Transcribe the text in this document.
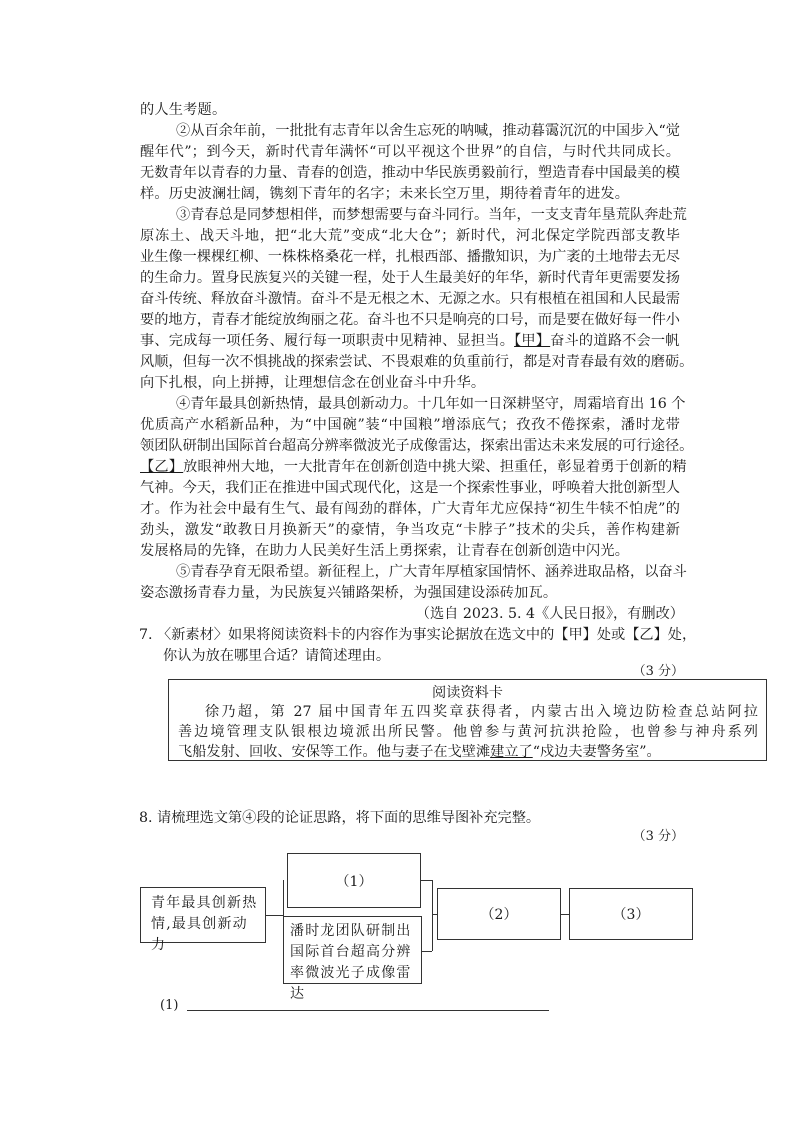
的人生考题。
②从百余年前，一批批有志青年以舍生忘死的呐喊，推动暮霭沉沉的中国步入“觉
醒年代”；到今天，新时代青年满怀“可以平视这个世界”的自信，与时代共同成长。
无数青年以青春的力量、青春的创造，推动中华民族勇毅前行，塑造青春中国最美的模
样。历史波澜壮阔，镌刻下青年的名字；未来长空万里，期待着青年的进发。
③青春总是同梦想相伴，而梦想需要与奋斗同行。当年，一支支青年垦荒队奔赴荒
原冻土、战天斗地，把“北大荒”变成“北大仓”；新时代，河北保定学院西部支教毕
业生像一棵棵红柳、一株株格桑花一样，扎根西部、播撒知识，为广袤的土地带去无尽
的生命力。置身民族复兴的关键一程，处于人生最美好的年华，新时代青年更需要发扬
奋斗传统、释放奋斗激情。奋斗不是无根之木、无源之水。只有根植在祖国和人民最需
要的地方，青春才能绽放绚丽之花。奋斗也不只是响亮的口号，而是要在做好每一件小
事、完成每一项任务、履行每一项职责中见精神、显担当。【甲】奋斗的道路不会一帆
风顺，但每一次不惧挑战的探索尝试、不畏艰难的负重前行，都是对青春最有效的磨砺。
向下扎根，向上拼搏，让理想信念在创业奋斗中升华。
④青年最具创新热情，最具创新动力。十几年如一日深耕坚守，周霜培育出 16 个
优质高产水稻新品种，为“中国碗”装“中国粮”增添底气；孜孜不倦探索，潘时龙带
领团队研制出国际首台超高分辨率微波光子成像雷达，探索出雷达未来发展的可行途径。
【乙】放眼神州大地，一大批青年在创新创造中挑大梁、担重任，彰显着勇于创新的精
气神。今天，我们正在推进中国式现代化，这是一个探索性事业，呼唤着大批创新型人
才。作为社会中最有生气、最有闯劲的群体，广大青年尤应保持“初生牛犊不怕虎”的
劲头，激发“敢教日月换新天”的豪情，争当攻克“卡脖子”技术的尖兵，善作构建新
发展格局的先锋，在助力人民美好生活上勇探索，让青春在创新创造中闪光。
⑤青春孕育无限希望。新征程上，广大青年厚植家国情怀、涵养进取品格，以奋斗
姿态激扬青春力量，为民族复兴铺路架桥，为强国建设添砖加瓦。
（选自 2023. 5. 4《人民日报》，有删改）
7. 〈新素材〉如果将阅读资料卡的内容作为事实论据放在选文中的【甲】处或【乙】处，
你认为放在哪里合适？请简述理由。
（3 分）
阅读资料卡
徐乃超，第 27 届中国青年五四奖章获得者，内蒙古出入境边防检查总站阿拉
善边境管理支队银根边境派出所民警。他曾参与黄河抗洪抢险，也曾参与神舟系列
飞船发射、回收、安保等工作。他与妻子在戈壁滩建立了“戍边夫妻警务室”。
8. 请梳理选文第④段的论证思路，将下面的思维导图补充完整。
（3 分）
青年最具创新热情,最具创新动力
（1）
潘时龙团队研制出国际首台超高分辨率微波光子成像雷达
（2）	（3）
(1)
